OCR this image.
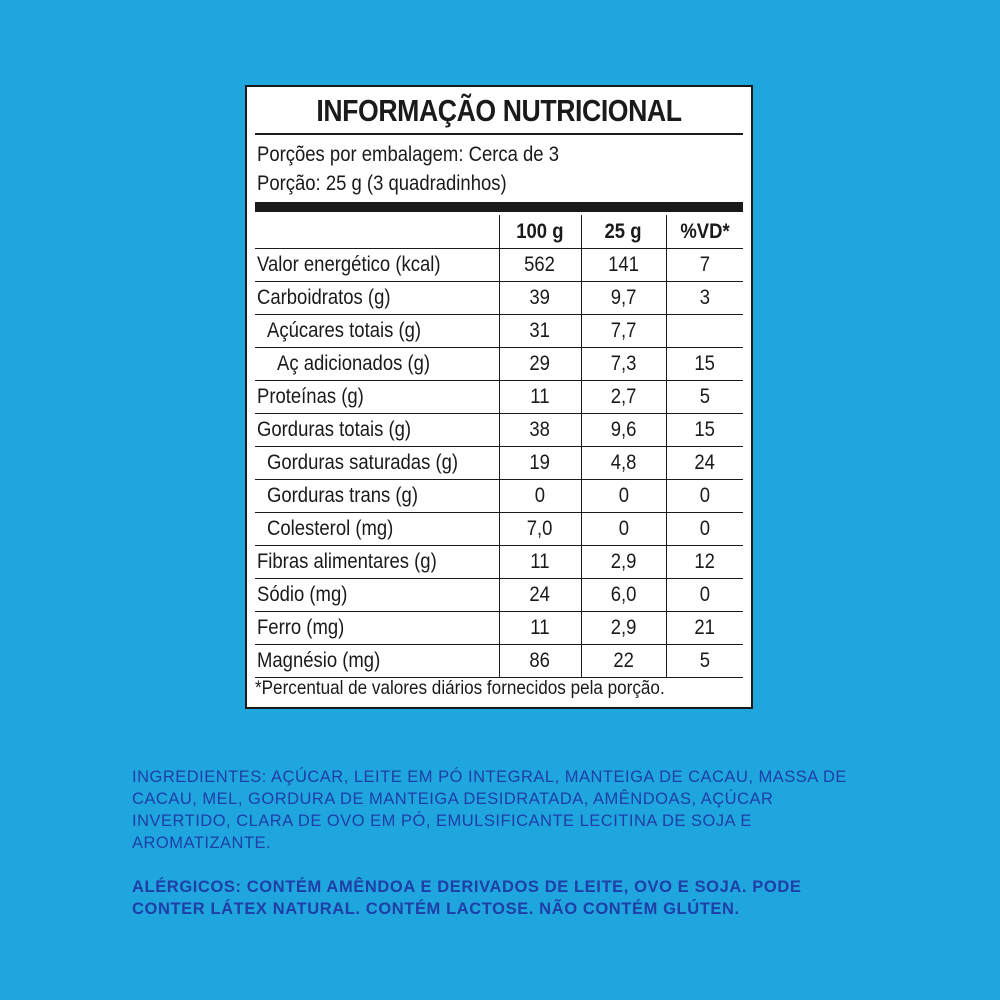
INFORMAÇÃO NUTRICIONAL
Porções por embalagem: Cerca de 3
Porção: 25 g (3 quadradinhos)
	100 g	25 g	%VD*
Valor energético (kcal)	562	141	7
Carboidratos (g)	39	9,7	3
Açúcares totais (g)	31	7,7	
Aç adicionados (g)	29	7,3	15
Proteínas (g)	11	2,7	5
Gorduras totais (g)	38	9,6	15
Gorduras saturadas (g)	19	4,8	24
Gorduras trans (g)	0	0	0
Colesterol (mg)	7,0	0	0
Fibras alimentares (g)	11	2,9	12
Sódio (mg)	24	6,0	0
Ferro (mg)	11	2,9	21
Magnésio (mg)	86	22	5
*Percentual de valores diários fornecidos pela porção.
INGREDIENTES: AÇÚCAR, LEITE EM PÓ INTEGRAL, MANTEIGA DE CACAU, MASSA DE CACAU, MEL, GORDURA DE MANTEIGA DESIDRATADA, AMÊNDOAS, AÇÚCAR INVERTIDO, CLARA DE OVO EM PÓ, EMULSIFICANTE LECITINA DE SOJA E AROMATIZANTE.
ALÉRGICOS: CONTÉM AMÊNDOA E DERIVADOS DE LEITE, OVO E SOJA. PODE CONTER LÁTEX NATURAL. CONTÉM LACTOSE. NÃO CONTÉM GLÚTEN.
